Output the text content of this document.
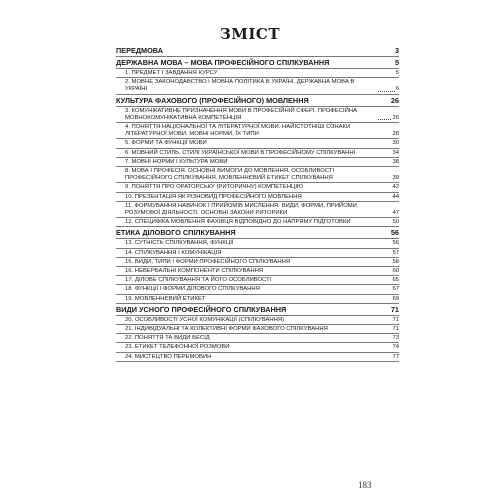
ЗМІСТ
ПЕРЕДМОВА	3
ДЕРЖАВНА МОВА – МОВА ПРОФЕСІЙНОГО СПІЛКУВАННЯ	5
1. ПРЕДМЕТ І ЗАВДАННЯ КУРСУ	5
2. МОВНЕ ЗАКОНОДАВСТВО І МОВНА ПОЛІТИКА В УКРАЇНІ. ДЕРЖАВНА МОВА В УКРАЇНІ	6
КУЛЬТУРА ФАХОВОГО (ПРОФЕСІЙНОГО) МОВЛЕННЯ	26
3. КОМУНІКАТИВНЕ ПРИЗНАЧЕННЯ МОВИ В ПРОФЕСІЙНІЙ СФЕРІ. ПРОФЕСІЙНА МОВНОКОМУНІКАТИВНА КОМПЕТЕНЦІЯ	26
4. ПОНЯТТЯ НАЦІОНАЛЬНОЇ ТА ЛІТЕРАТУРНОЇ МОВИ. НАЙІСТОТНІШІ ОЗНАКИ ЛІТЕРАТУРНОЇ МОВИ. МОВНІ НОРМИ, ЇХ ТИПИ	28
5. ФОРМИ ТА ФУНКЦІЇ МОВИ	30
6. МОВНИЙ СТИЛЬ. СТИЛІ УКРАЇНСЬКОЇ МОВИ В ПРОФЕСІЙНОМУ СПІЛКУВАННІ	34
7. МОВНІ НОРМИ І КУЛЬТУРА МОВИ	38
8. МОВА І ПРОФЕСІЯ. ОСНОВНІ ВИМОГИ ДО МОВЛЕННЯ. ОСОБЛИВОСТІ ПРОФЕСІЙНОГО СПІЛКУВАННЯ. МОВЛЕННЄВИЙ ЕТИКЕТ СПІЛКУВАННЯ	39
9. ПОНЯТТЯ ПРО ОРАТОРСЬКУ (РИТОРИЧНУ) КОМПЕТЕНЦІЮ	42
10. ПРЕЗЕНТАЦІЯ ЯК РІЗНОВИД ПРОФЕСІЙНОГО МОВЛЕННЯ	44
11. ФОРМУВАННЯ НАВИЧОК І ПРИЙОМІВ МИСЛЕННЯ. ВИДИ, ФОРМИ, ПРИЙОМИ РОЗУМОВОЇ ДІЯЛЬНОСТІ. ОСНОВНІ ЗАКОНИ РИТОРИКИ	47
12. СПЕЦИФІКА МОВЛЕННЯ ФАХІВЦЯ ВІДПОВІДНО ДО НАПРЯМУ ПІДГОТОВКИ	50
ЕТИКА ДІЛОВОГО СПІЛКУВАННЯ	56
13. СУТНІСТЬ СПІЛКУВАННЯ, ФУНКЦІЇ	56
14. СПІЛКУВАННЯ І КОМУНІКАЦІЯ	57
15. ВИДИ, ТИПИ І ФОРМИ ПРОФЕСІЙНОГО СПІЛКУВАННЯ	58
16. НЕВЕРБАЛЬНІ КОМПОНЕНТИ СПІЛКУВАННЯ	60
17. ДІЛОВЕ СПІЛКУВАННЯ ТА ЙОГО ОСОБЛИВОСТІ	65
18. ФУНКЦІЇ І ФОРМИ ДІЛОВОГО СПІЛКУВАННЯ	67
19. МОВЛЕННЄВИЙ ЕТИКЕТ	69
ВИДИ УСНОГО ПРОФЕСІЙНОГО СПІЛКУВАННЯ	71
20. ОСОБЛИВОСТІ УСНОЇ КОМУНІКАЦІЇ (СПІЛКУВАННЯ)	71
21. ІНДИВІДУАЛЬНІ ТА КОЛЕКТИВНІ ФОРМИ ФАХОВОГО СПІЛКУВАННЯ	71
22. ПОНЯТТЯ ТА ВИДИ БЕСІД	73
23. ЕТИКЕТ ТЕЛЕФОННОЇ РОЗМОВИ	74
24. МИСТЕЦТВО ПЕРЕМОВИН	77
183
